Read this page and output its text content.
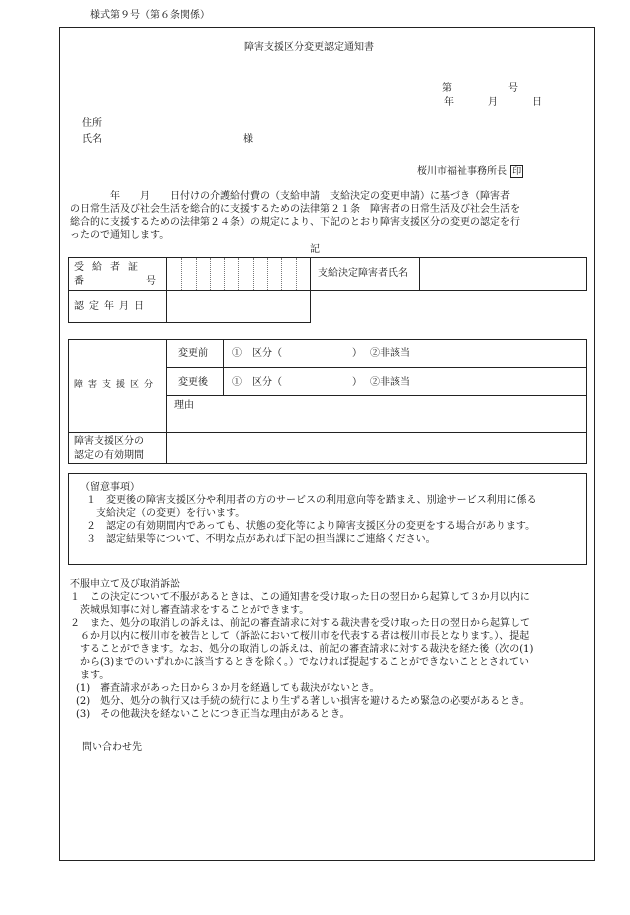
様式第９号（第６条関係）
障害支援区分変更認定通知書
第　　　　　号
年　　　月　　　日
住所
氏名	様
桜川市福祉事務所長 印
　　　　年　　月　　日付けの介護給付費の（支給申請　支給決定の変更申請）に基づき（障害者
の日常生活及び社会生活を総合的に支援するための法律第２１条　障害者の日常生活及び社会生活を
総合的に支援するための法律第２４条）の規定により、下記のとおり障害支援区分の変更の認定を行
ったので通知します。
記
受給者証
番号
支給決定障害者氏名
認定年月日
障害支援区分
変更前
変更後
①　区分（　　　　　　　） ②非該当
①　区分（　　　　　　　） ②非該当
理由
障害支援区分の
認定の有効期間
（留意事項）
１　変更後の障害支援区分や利用者の方のサービスの利用意向等を踏まえ、別途サービス利用に係る
　支給決定（の変更）を行います。
２　認定の有効期間内であっても、状態の変化等により障害支援区分の変更をする場合があります。
３　認定結果等について、不明な点があれば下記の担当課にご連絡ください。
不服申立て及び取消訴訟
１　この決定について不服があるときは、この通知書を受け取った日の翌日から起算して３か月以内に
　茨城県知事に対し審査請求をすることができます。
２　また、処分の取消しの訴えは、前記の審査請求に対する裁決書を受け取った日の翌日から起算して
　６か月以内に桜川市を被告として（訴訟において桜川市を代表する者は桜川市長となります。）、提起
　することができます。なお、処分の取消しの訴えは、前記の審査請求に対する裁決を経た後（次の(1)
　から(3)までのいずれかに該当するときを除く。）でなければ提起することができないこととされてい
　ます。
(1)　審査請求があった日から３か月を経過しても裁決がないとき。
(2)　処分、処分の執行又は手続の続行により生ずる著しい損害を避けるため緊急の必要があるとき。
(3)　その他裁決を経ないことにつき正当な理由があるとき。
問い合わせ先
